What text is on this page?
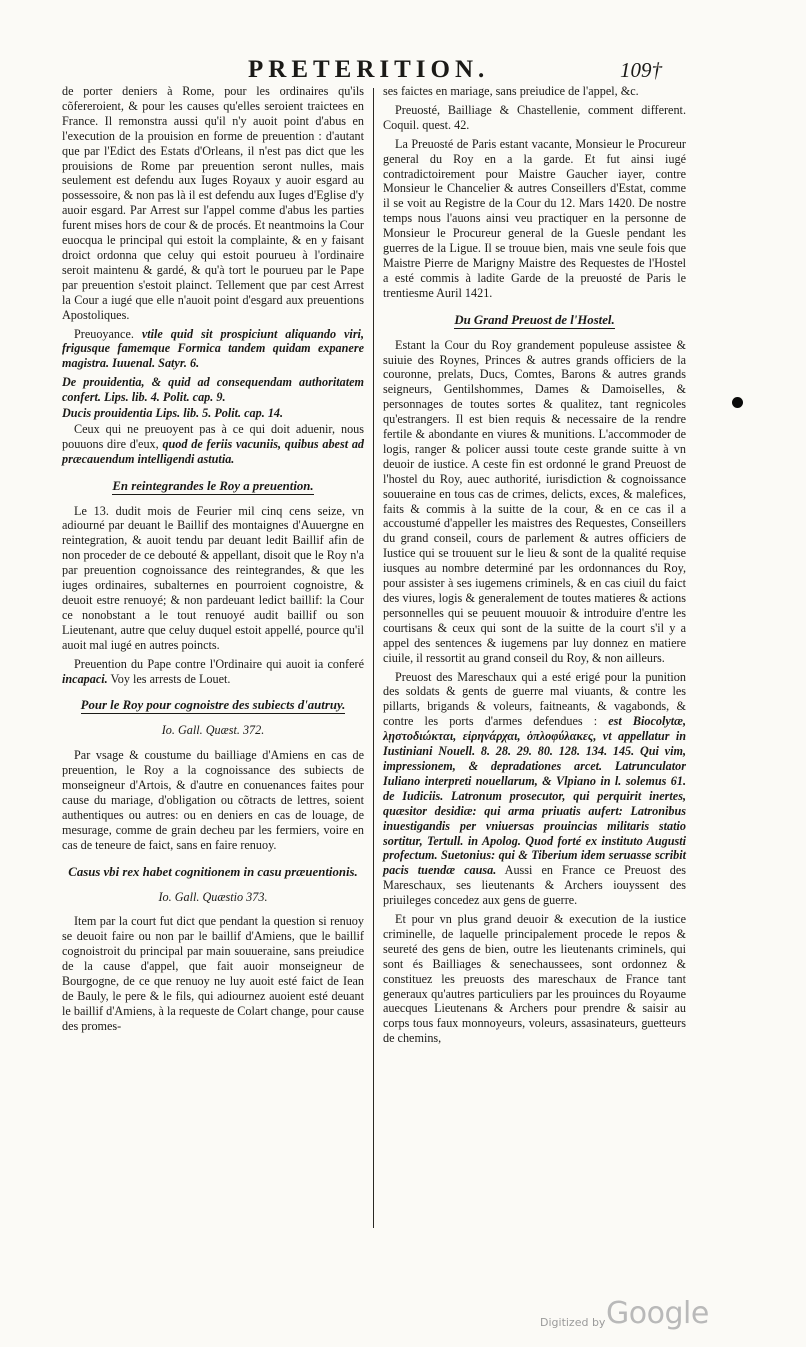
PRETERITION.	109†

de porter deniers à Rome, pour les ordinaires qu'ils cõfereroient, & pour les causes qu'elles seroient traictees en France. Il remonstra aussi qu'il n'y auoit point d'abus en l'execution de la prouision en forme de preuention : d'autant que par l'Edict des Estats d'Orleans, il n'est pas dict que les prouisions de Rome par preuention seront nulles, mais seulement est defendu aux Iuges Royaux y auoir esgard au possessoire, & non pas là il est defendu aux Iuges d'Eglise d'y auoir esgard. Par Arrest sur l'appel comme d'abus les parties furent mises hors de cour & de procés. Et neantmoins la Cour euocqua le principal qui estoit la complainte, & en y faisant droict ordonna que celuy qui estoit pourueu à l'ordinaire seroit maintenu & gardé, & qu'à tort le pourueu par le Pape par preuention s'estoit plainct. Tellement que par cest Arrest la Cour a iugé que elle n'auoit point d'esgard aux preuentions Apostoliques.

Preuoyance. vtile quid sit prospiciunt aliquando viri, frigusque famemque Formica tandem quidam expanere magistra. Iuuenal. Satyr. 6.

De prouidentia, & quid ad consequendam authoritatem confert. Lips. lib. 4. Polit. cap. 9.

Ducis prouidentia Lips. lib. 5. Polit. cap. 14.

Ceux qui ne preuoyent pas à ce qui doit aduenir, nous pouuons dire d'eux, quod de feriis vacuniis, quibus abest ad præcauendum intelligendi astutia.

En reintegrandes le Roy a preuention.

Le 13. dudit mois de Feurier mil cinq cens seize, vn adiourné par deuant le Baillif des montaignes d'Auuergne en reintegration, & auoit tendu par deuant ledit Baillif afin de non proceder de ce debouté & appellant, disoit que le Roy n'a par preuention cognoissance des reintegrandes, & que les iuges ordinaires, subalternes en pourroient cognoistre, & deuoit estre renuoyé; & non pardeuant ledict baillif: la Cour ce nonobstant a le tout renuoyé audit baillif ou son Lieutenant, autre que celuy duquel estoit appellé, pource qu'il auoit mal iugé en autres poincts.

Preuention du Pape contre l'Ordinaire qui auoit ia conferé incapaci. Voy les arrests de Louet.

Pour le Roy pour cognoistre des subiects d'autruy.
Io. Gall. Quæst. 372.

Par vsage & coustume du bailliage d'Amiens en cas de preuention, le Roy a la cognoissance des subiects de monseigneur d'Artois, & d'autre en conuenances faites pour cause du mariage, d'obligation ou cõtracts de lettres, soient authentiques ou autres: ou en deniers en cas de louage, de mesurage, comme de grain decheu par les fermiers, voire en cas de teneure de faict, sans en faire renuoy.

Casus vbi rex habet cognitionem in casu præuentionis.
Io. Gall. Quæstio 373.

Item par la court fut dict que pendant la question si renuoy se deuoit faire ou non par le baillif d'Amiens, que le baillif cognoistroit du principal par main souueraine, sans preiudice de la cause d'appel, que fait auoir monseigneur de Bourgogne, de ce que renuoy ne luy auoit esté faict de Iean de Bauly, le pere & le fils, qui adiournez auoient esté deuant le baillif d'Amiens, à la requeste de Colart change, pour cause des promes-

ses faictes en mariage, sans preiudice de l'appel, &c.

Preuosté, Bailliage & Chastellenie, comment different. Coquil. quest. 42.

La Preuosté de Paris estant vacante, Monsieur le Procureur general du Roy en a la garde. Et fut ainsi iugé contradictoirement pour Maistre Gaucher iayer, contre Monsieur le Chancelier & autres Conseillers d'Estat, comme il se voit au Registre de la Cour du 12. Mars 1420. De nostre temps nous l'auons ainsi veu practiquer en la personne de Monsieur le Procureur general de la Guesle pendant les guerres de la Ligue. Il se trouue bien, mais vne seule fois que Maistre Pierre de Marigny Maistre des Requestes de l'Hostel a esté commis à ladite Garde de la preuosté de Paris le trentiesme Auril 1421.

Du Grand Preuost de l'Hostel.

Estant la Cour du Roy grandement populeuse assistee & suiuie des Roynes, Princes & autres grands officiers de la couronne, prelats, Ducs, Comtes, Barons & autres grands seigneurs, Gentilshommes, Dames & Damoiselles, & personnages de toutes sortes & qualitez, tant regnicoles qu'estrangers. Il est bien requis & necessaire de la rendre fertile & abondante en viures & munitions. L'accommoder de logis, ranger & policer aussi toute ceste grande suitte à vn deuoir de iustice. A ceste fin est ordonné le grand Preuost de l'hostel du Roy, auec authorité, iurisdiction & cognoissance souueraine en tous cas de crimes, delicts, exces, & malefices, faits & commis à la suitte de la cour, & en ce cas il a accoustumé d'appeller les maistres des Requestes, Conseillers du grand conseil, cours de parlement & autres officiers de Iustice qui se trouuent sur le lieu & sont de la qualité requise iusques au nombre determiné par les ordonnances du Roy, pour assister à ses iugemens criminels, & en cas ciuil du faict des viures, logis & generalement de toutes matieres & actions personnelles qui se peuuent mouuoir & introduire d'entre les courtisans & ceux qui sont de la suitte de la court s'il y a appel des sentences & iugemens par luy donnez en matiere ciuile, il ressortit au grand conseil du Roy, & non ailleurs.

Preuost des Mareschaux qui a esté erigé pour la punition des soldats & gents de guerre mal viuants, & contre les pillarts, brigands & voleurs, faitneants, & vagabonds, & contre les ports d'armes defendues : est Biocolytæ, λῃστοδιώκται, εἰρηνάρχαι, ὁπλοφύλακες, vt appellatur in Iustiniani Nouell. 8. 28. 29. 80. 128. 134. 145. Qui vim, impressionem, & depradationes arcet. Latrunculator Iuliano interpreti nouellarum, & Vlpiano in l. solemus 61. de Iudiciis. Latronum prosecutor, qui perquirit inertes, quæsitor desidiæ: qui arma priuatis aufert: Latronibus inuestigandis per vniuersas prouincias militaris statio sortitur, Tertull. in Apolog. Quod forté ex instituto Augusti profectum. Suetonius: qui & Tiberium idem seruasse scribit pacis tuendæ causa. Aussi en France ce Preuost des Mareschaux, ses lieutenants & Archers iouyssent des priuileges concedez aux gens de guerre.

Et pour vn plus grand deuoir & execution de la iustice criminelle, de laquelle principalement procede le repos & seureté des gens de bien, outre les lieutenants criminels, qui sont és Bailliages & senechaussees, sont ordonnez & constituez les preuosts des mareschaux de France tant generaux qu'autres particuliers par les prouinces du Royaume auecques Lieutenans & Archers pour prendre & saisir au corps tous faux monnoyeurs, voleurs, assasinateurs, guetteurs de chemins,

Digitized by Google
